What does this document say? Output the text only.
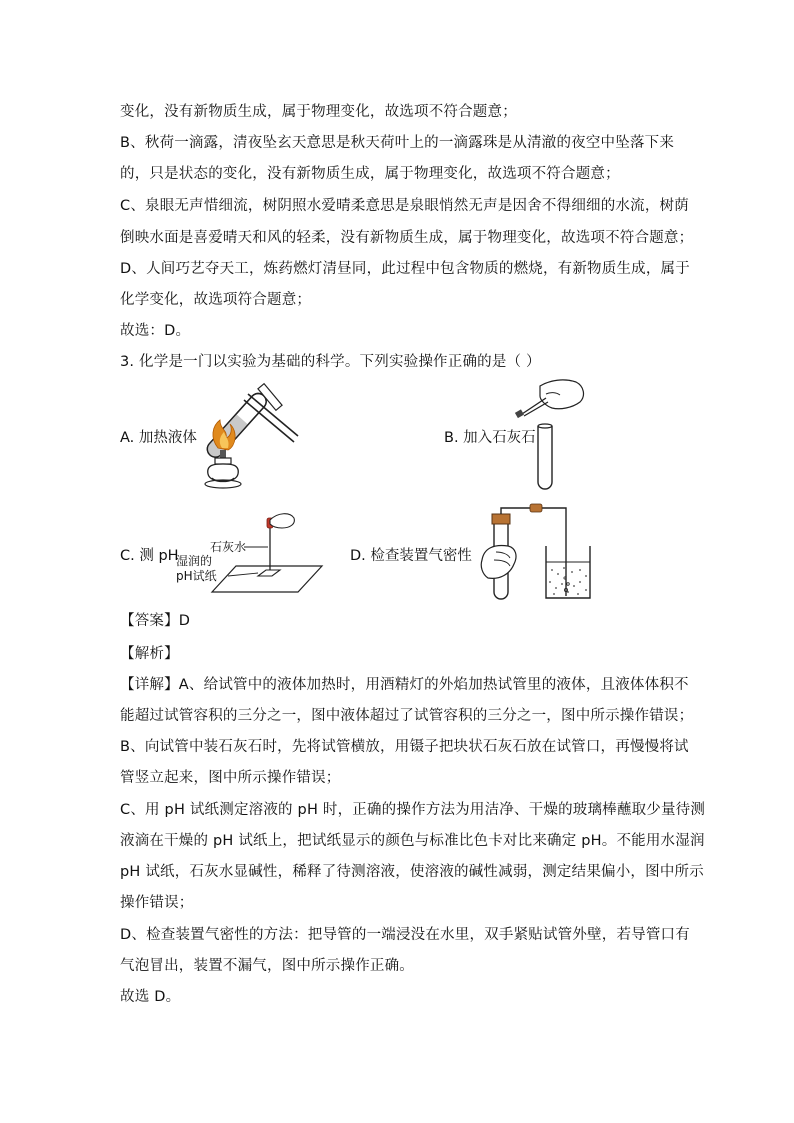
变化，没有新物质生成，属于物理变化，故选项不符合题意；
B、秋荷一滴露，清夜坠玄天意思是秋天荷叶上的一滴露珠是从清澈的夜空中坠落下来
的，只是状态的变化，没有新物质生成，属于物理变化，故选项不符合题意；
C、泉眼无声惜细流，树阴照水爱晴柔意思是泉眼悄然无声是因舍不得细细的水流，树荫
倒映水面是喜爱晴天和风的轻柔，没有新物质生成，属于物理变化，故选项不符合题意；
D、人间巧艺夺天工，炼药燃灯清昼同，此过程中包含物质的燃烧，有新物质生成，属于
化学变化，故选项符合题意；
故选：D。
3. 化学是一门以实验为基础的科学。下列实验操作正确的是（ ）
A. 加热液体	B. 加入石灰石
C. 测 pH
石灰水
湿润的
pH试纸
D. 检查装置气密性
【答案】D
【解析】
【详解】A、给试管中的液体加热时，用酒精灯的外焰加热试管里的液体，且液体体积不
能超过试管容积的三分之一，图中液体超过了试管容积的三分之一，图中所示操作错误；
B、向试管中装石灰石时，先将试管横放，用镊子把块状石灰石放在试管口，再慢慢将试
管竖立起来，图中所示操作错误；
C、用 pH 试纸测定溶液的 pH 时，正确的操作方法为用洁净、干燥的玻璃棒蘸取少量待测
液滴在干燥的 pH 试纸上，把试纸显示的颜色与标准比色卡对比来确定 pH。不能用水湿润
pH 试纸，石灰水显碱性，稀释了待测溶液，使溶液的碱性减弱，测定结果偏小，图中所示
操作错误；
D、检查装置气密性的方法：把导管的一端浸没在水里，双手紧贴试管外壁，若导管口有
气泡冒出，装置不漏气，图中所示操作正确。
故选 D。
